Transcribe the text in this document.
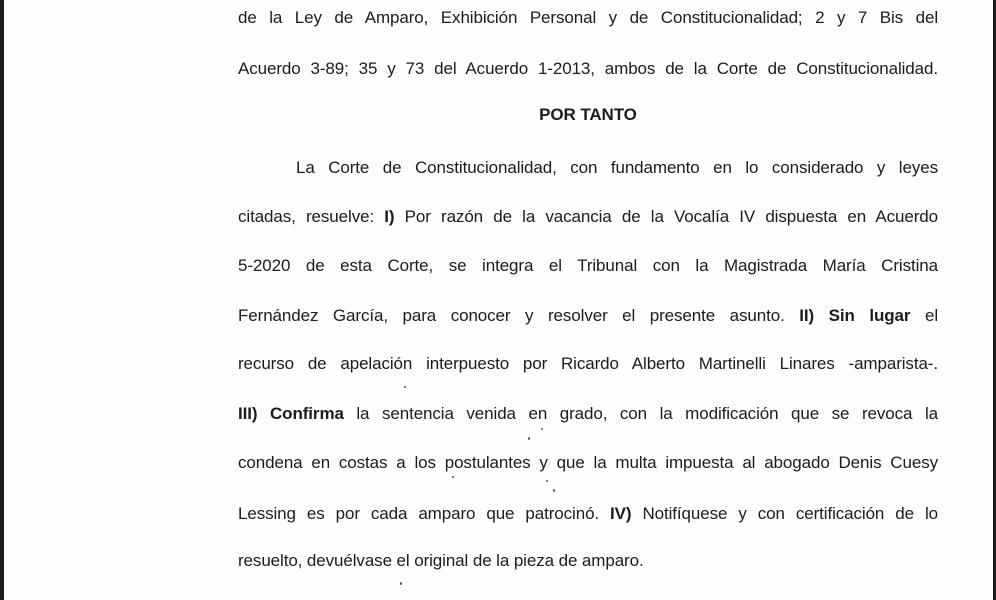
de la Ley de Amparo, Exhibición Personal y de Constitucionalidad; 2 y 7 Bis del
Acuerdo 3-89; 35 y 73 del Acuerdo 1-2013, ambos de la Corte de Constitucionalidad.
POR TANTO
La Corte de Constitucionalidad, con fundamento en lo considerado y leyes
citadas, resuelve: I) Por razón de la vacancia de la Vocalía IV dispuesta en Acuerdo
5-2020 de esta Corte, se integra el Tribunal con la Magistrada María Cristina
Fernández García, para conocer y resolver el presente asunto. II) Sin lugar el
recurso de apelación interpuesto por Ricardo Alberto Martinelli Linares -amparista-.
III) Confirma la sentencia venida en grado, con la modificación que se revoca la
condena en costas a los postulantes y que la multa impuesta al abogado Denis Cuesy
Lessing es por cada amparo que patrocinó. IV) Notifíquese y con certificación de lo
resuelto, devuélvase el original de la pieza de amparo.
